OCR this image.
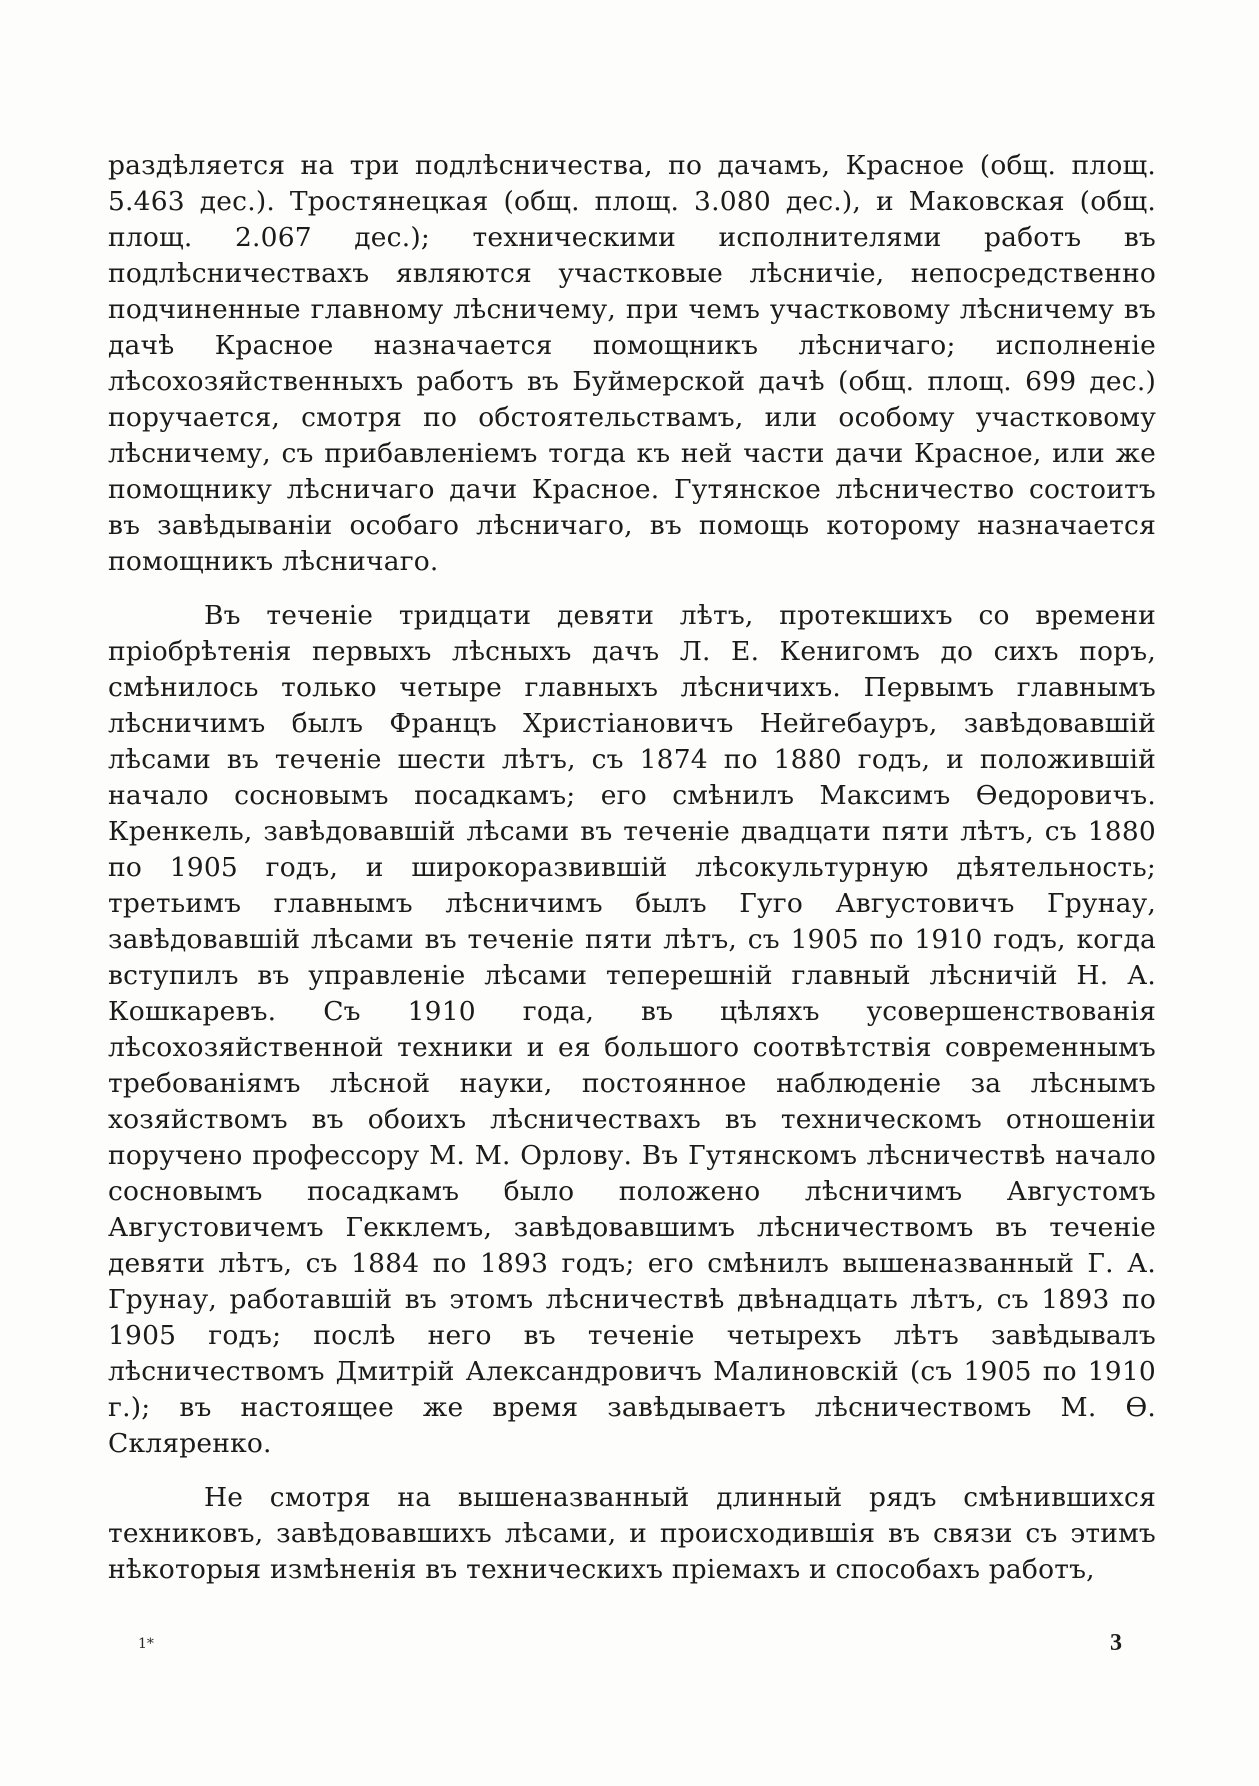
раздѣляется на три подлѣсничества, по дачамъ, Красное (общ. площ. 5.463 дес.). Тростянецкая (общ. площ. 3.080 дес.), и Маковская (общ. площ. 2.067 дес.); техническими исполнителями работъ въ подлѣсничествахъ являются участковые лѣсничіе, непосредственно подчиненные главному лѣсничему, при чемъ участковому лѣсничему въ дачѣ Красное назначается помощникъ лѣсничаго; исполненіе лѣсохозяйственныхъ работъ въ Буймерской дачѣ (общ. площ. 699 дес.) поручается, смотря по обстоятельствамъ, или особому участковому лѣсничему, съ прибавленіемъ тогда къ ней части дачи Красное, или же помощнику лѣсничаго дачи Красное. Гутянское лѣсничество состоитъ въ завѣдываніи особаго лѣсничаго, въ помощь которому назначается помощникъ лѣсничаго.

Въ теченіе тридцати девяти лѣтъ, протекшихъ со времени пріобрѣтенія первыхъ лѣсныхъ дачъ Л. Е. Кенигомъ до сихъ поръ, смѣнилось только четыре главныхъ лѣсничихъ. Первымъ главнымъ лѣсничимъ былъ Францъ Христіановичъ Нейгебауръ, завѣдовавшій лѣсами въ теченіе шести лѣтъ, съ 1874 по 1880 годъ, и положившій начало сосновымъ посадкамъ; его смѣнилъ Максимъ Өедоровичъ. Кренкель, завѣдовавшій лѣсами въ теченіе двадцати пяти лѣтъ, съ 1880 по 1905 годъ, и широкоразвившій лѣсокультурную дѣятельность; третьимъ главнымъ лѣсничимъ былъ Гуго Августовичъ Грунау, завѣдовавшій лѣсами въ теченіе пяти лѣтъ, съ 1905 по 1910 годъ, когда вступилъ въ управленіе лѣсами теперешній главный лѣсничій Н. А. Кошкаревъ. Съ 1910 года, въ цѣляхъ усовершенствованія лѣсохозяйственной техники и ея большого соотвѣтствія современнымъ требованіямъ лѣсной науки, постоянное наблюденіе за лѣснымъ хозяйствомъ въ обоихъ лѣсничествахъ въ техническомъ отношеніи поручено профессору М. М. Орлову. Въ Гутянскомъ лѣсничествѣ начало сосновымъ посадкамъ было положено лѣсничимъ Августомъ Августовичемъ Гекклемъ, завѣдовавшимъ лѣсничествомъ въ теченіе девяти лѣтъ, съ 1884 по 1893 годъ; его смѣнилъ вышеназванный Г. А. Грунау, работавшій въ этомъ лѣсничествѣ двѣнадцать лѣтъ, съ 1893 по 1905 годъ; послѣ него въ теченіе четырехъ лѣтъ завѣдывалъ лѣсничествомъ Дмитрій Александровичъ Малиновскій (съ 1905 по 1910 г.); въ настоящее же время завѣдываетъ лѣсничествомъ М. Ө. Скляренко.

Не смотря на вышеназванный длинный рядъ смѣнившихся техниковъ, завѣдовавшихъ лѣсами, и происходившія въ связи съ этимъ нѣкоторыя измѣненія въ техническихъ пріемахъ и способахъ работъ,

1*	3
